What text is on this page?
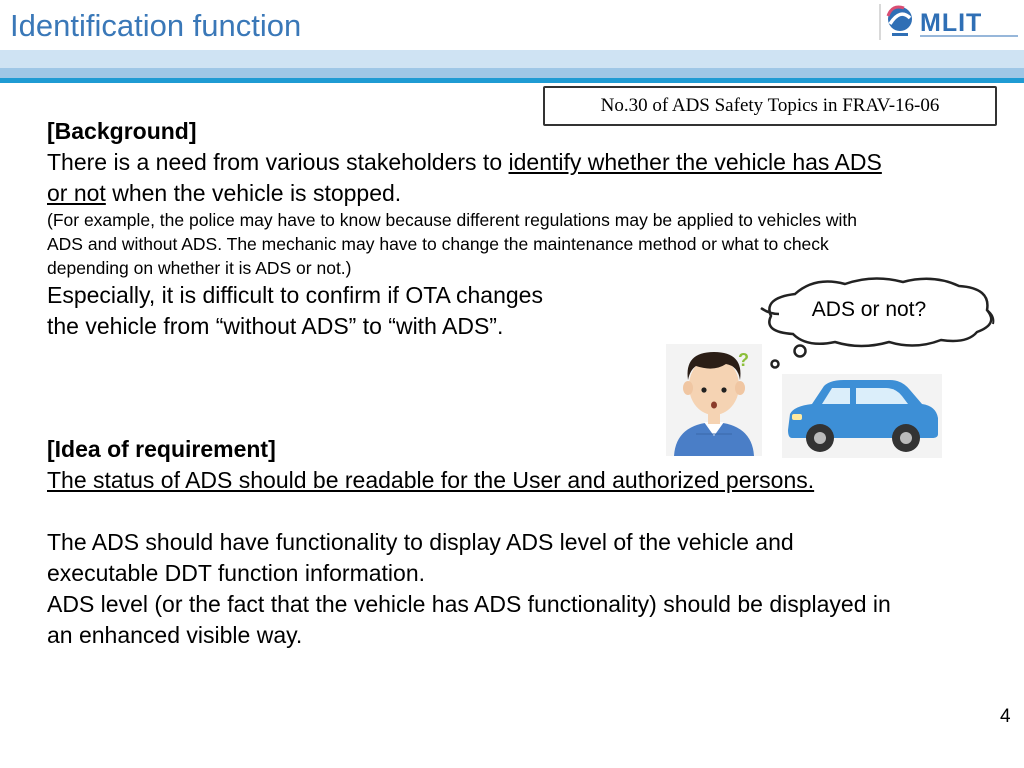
Identification function	MLIT
No.30 of ADS Safety Topics in FRAV-16-06
[Background]
There is a need from various stakeholders to identify whether the vehicle has ADS
or not when the vehicle is stopped.
(For example, the police may have to know because different regulations may be applied to vehicles with
ADS and without ADS. The mechanic may have to change the maintenance method or what to check
depending on whether it is ADS or not.)
Especially, it is difficult to confirm if OTA changes
the vehicle from “without ADS” to “with ADS”.
ADS or not?
?
[Idea of requirement]
The status of ADS should be readable for the User and authorized persons.
The ADS should have functionality to display ADS level of the vehicle and
executable DDT function information.
ADS level (or the fact that the vehicle has ADS functionality) should be displayed in
an enhanced visible way.
4
